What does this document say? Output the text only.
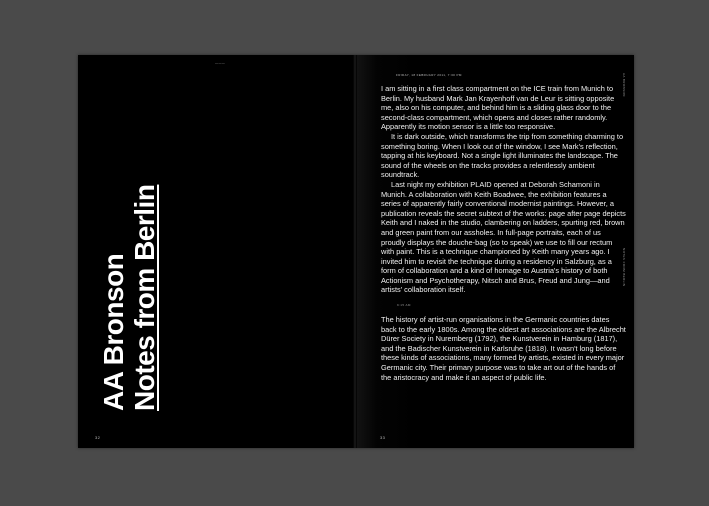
———
AA Bronson Notes from Berlin
32
FRIDAY, 18 FEBRUARY 2011, 7:30 PM	AA BRONSON
NOTES FROM BERLIN

I am sitting in a first class compartment on the ICE train from Munich to Berlin. My husband Mark Jan Krayenhoff van de Leur is sitting opposite me, also on his computer, and behind him is a sliding glass door to the second-class compartment, which opens and closes rather randomly. Apparently its motion sensor is a little too responsive.

It is dark outside, which transforms the trip from something charming to something boring. When I look out of the window, I see Mark's reflection, tapping at his keyboard. Not a single light illuminates the landscape. The sound of the wheels on the tracks provides a relentlessly ambient soundtrack.

Last night my exhibition PLAID opened at Deborah Schamoni in Munich. A collaboration with Keith Boadwee, the exhibition features a series of apparently fairly conventional modernist paintings. However, a publication reveals the secret subtext of the works: page after page depicts Keith and I naked in the studio, clambering on ladders, spurting red, brown and green paint from our assholes. In full-page portraits, each of us proudly displays the douche-bag (so to speak) we use to fill our rectum with paint. This is a technique championed by Keith many years ago. I invited him to revisit the technique during a residency in Salzburg, as a form of collaboration and a kind of homage to Austria's history of both Actionism and Psychotherapy, Nitsch and Brus, Freud and Jung—and artists' collaboration itself.

9:15 AM

The history of artist-run organisations in the Germanic countries dates back to the early 1800s. Among the oldest art associations are the Albrecht Dürer Society in Nuremberg (1792), the Kunstverein in Hamburg (1817), and the Badischer Kunstverein in Karlsruhe (1818). It wasn't long before these kinds of associations, many formed by artists, existed in every major Germanic city. Their primary purpose was to take art out of the hands of the aristocracy and make it an aspect of public life.

33
